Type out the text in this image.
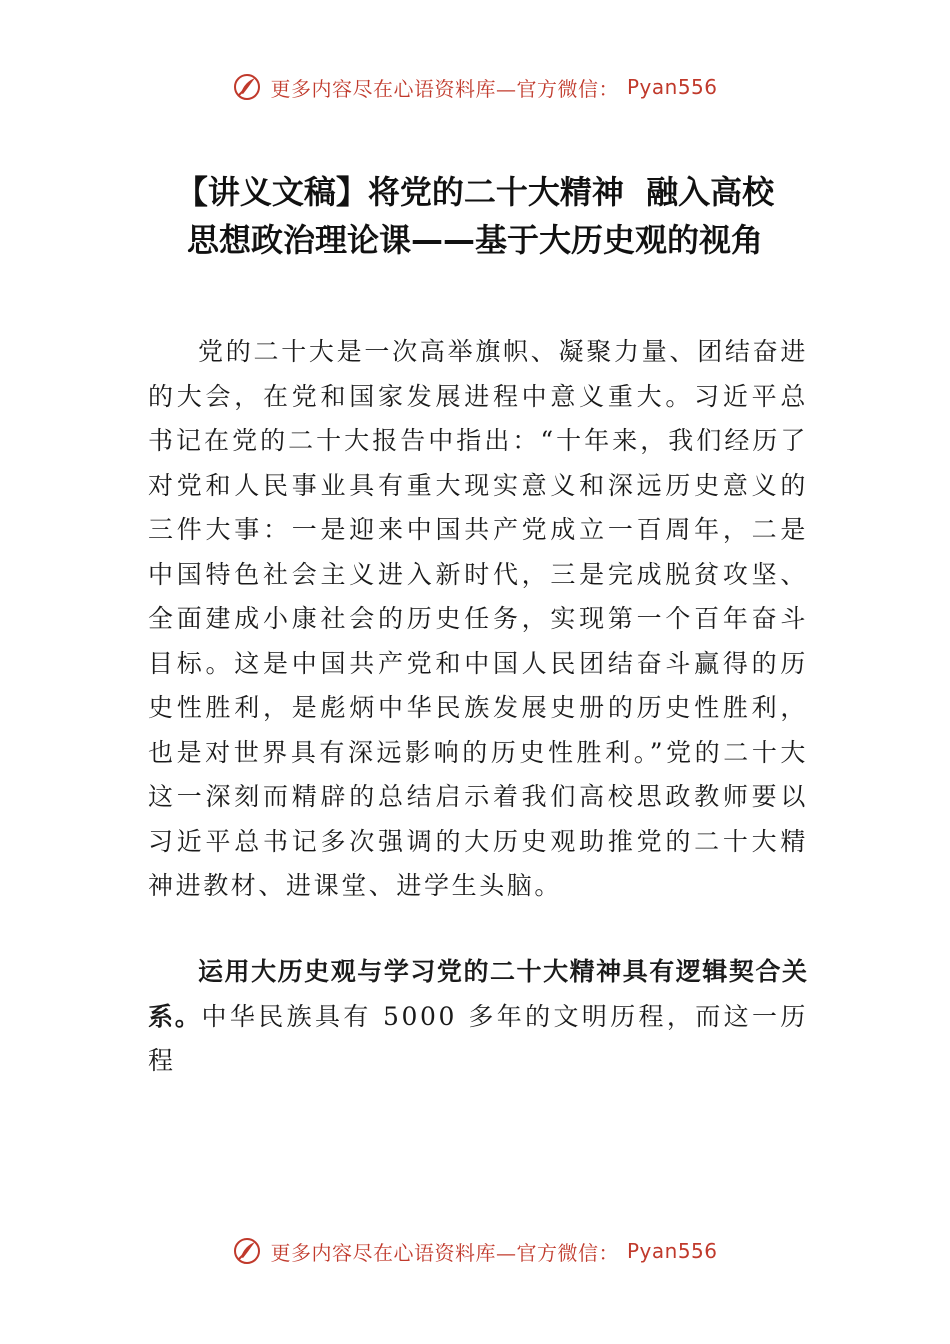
更多内容尽在心语资料库—官方微信： Pyan556
【讲义文稿】将党的二十大精神  融入高校
思想政治理论课——基于大历史观的视角

党的二十大是一次高举旗帜、凝聚力量、团结奋进的大会，在党和国家发展进程中意义重大。习近平总书记在党的二十大报告中指出：“十年来，我们经历了对党和人民事业具有重大现实意义和深远历史意义的三件大事：一是迎来中国共产党成立一百周年，二是中国特色社会主义进入新时代，三是完成脱贫攻坚、全面建成小康社会的历史任务，实现第一个百年奋斗目标。这是中国共产党和中国人民团结奋斗赢得的历史性胜利，是彪炳中华民族发展史册的历史性胜利，也是对世界具有深远影响的历史性胜利。”党的二十大这一深刻而精辟的总结启示着我们高校思政教师要以习近平总书记多次强调的大历史观助推党的二十大精神进教材、进课堂、进学生头脑。

运用大历史观与学习党的二十大精神具有逻辑契合关系。中华民族具有 5000 多年的文明历程，而这一历程

更多内容尽在心语资料库—官方微信： Pyan556
